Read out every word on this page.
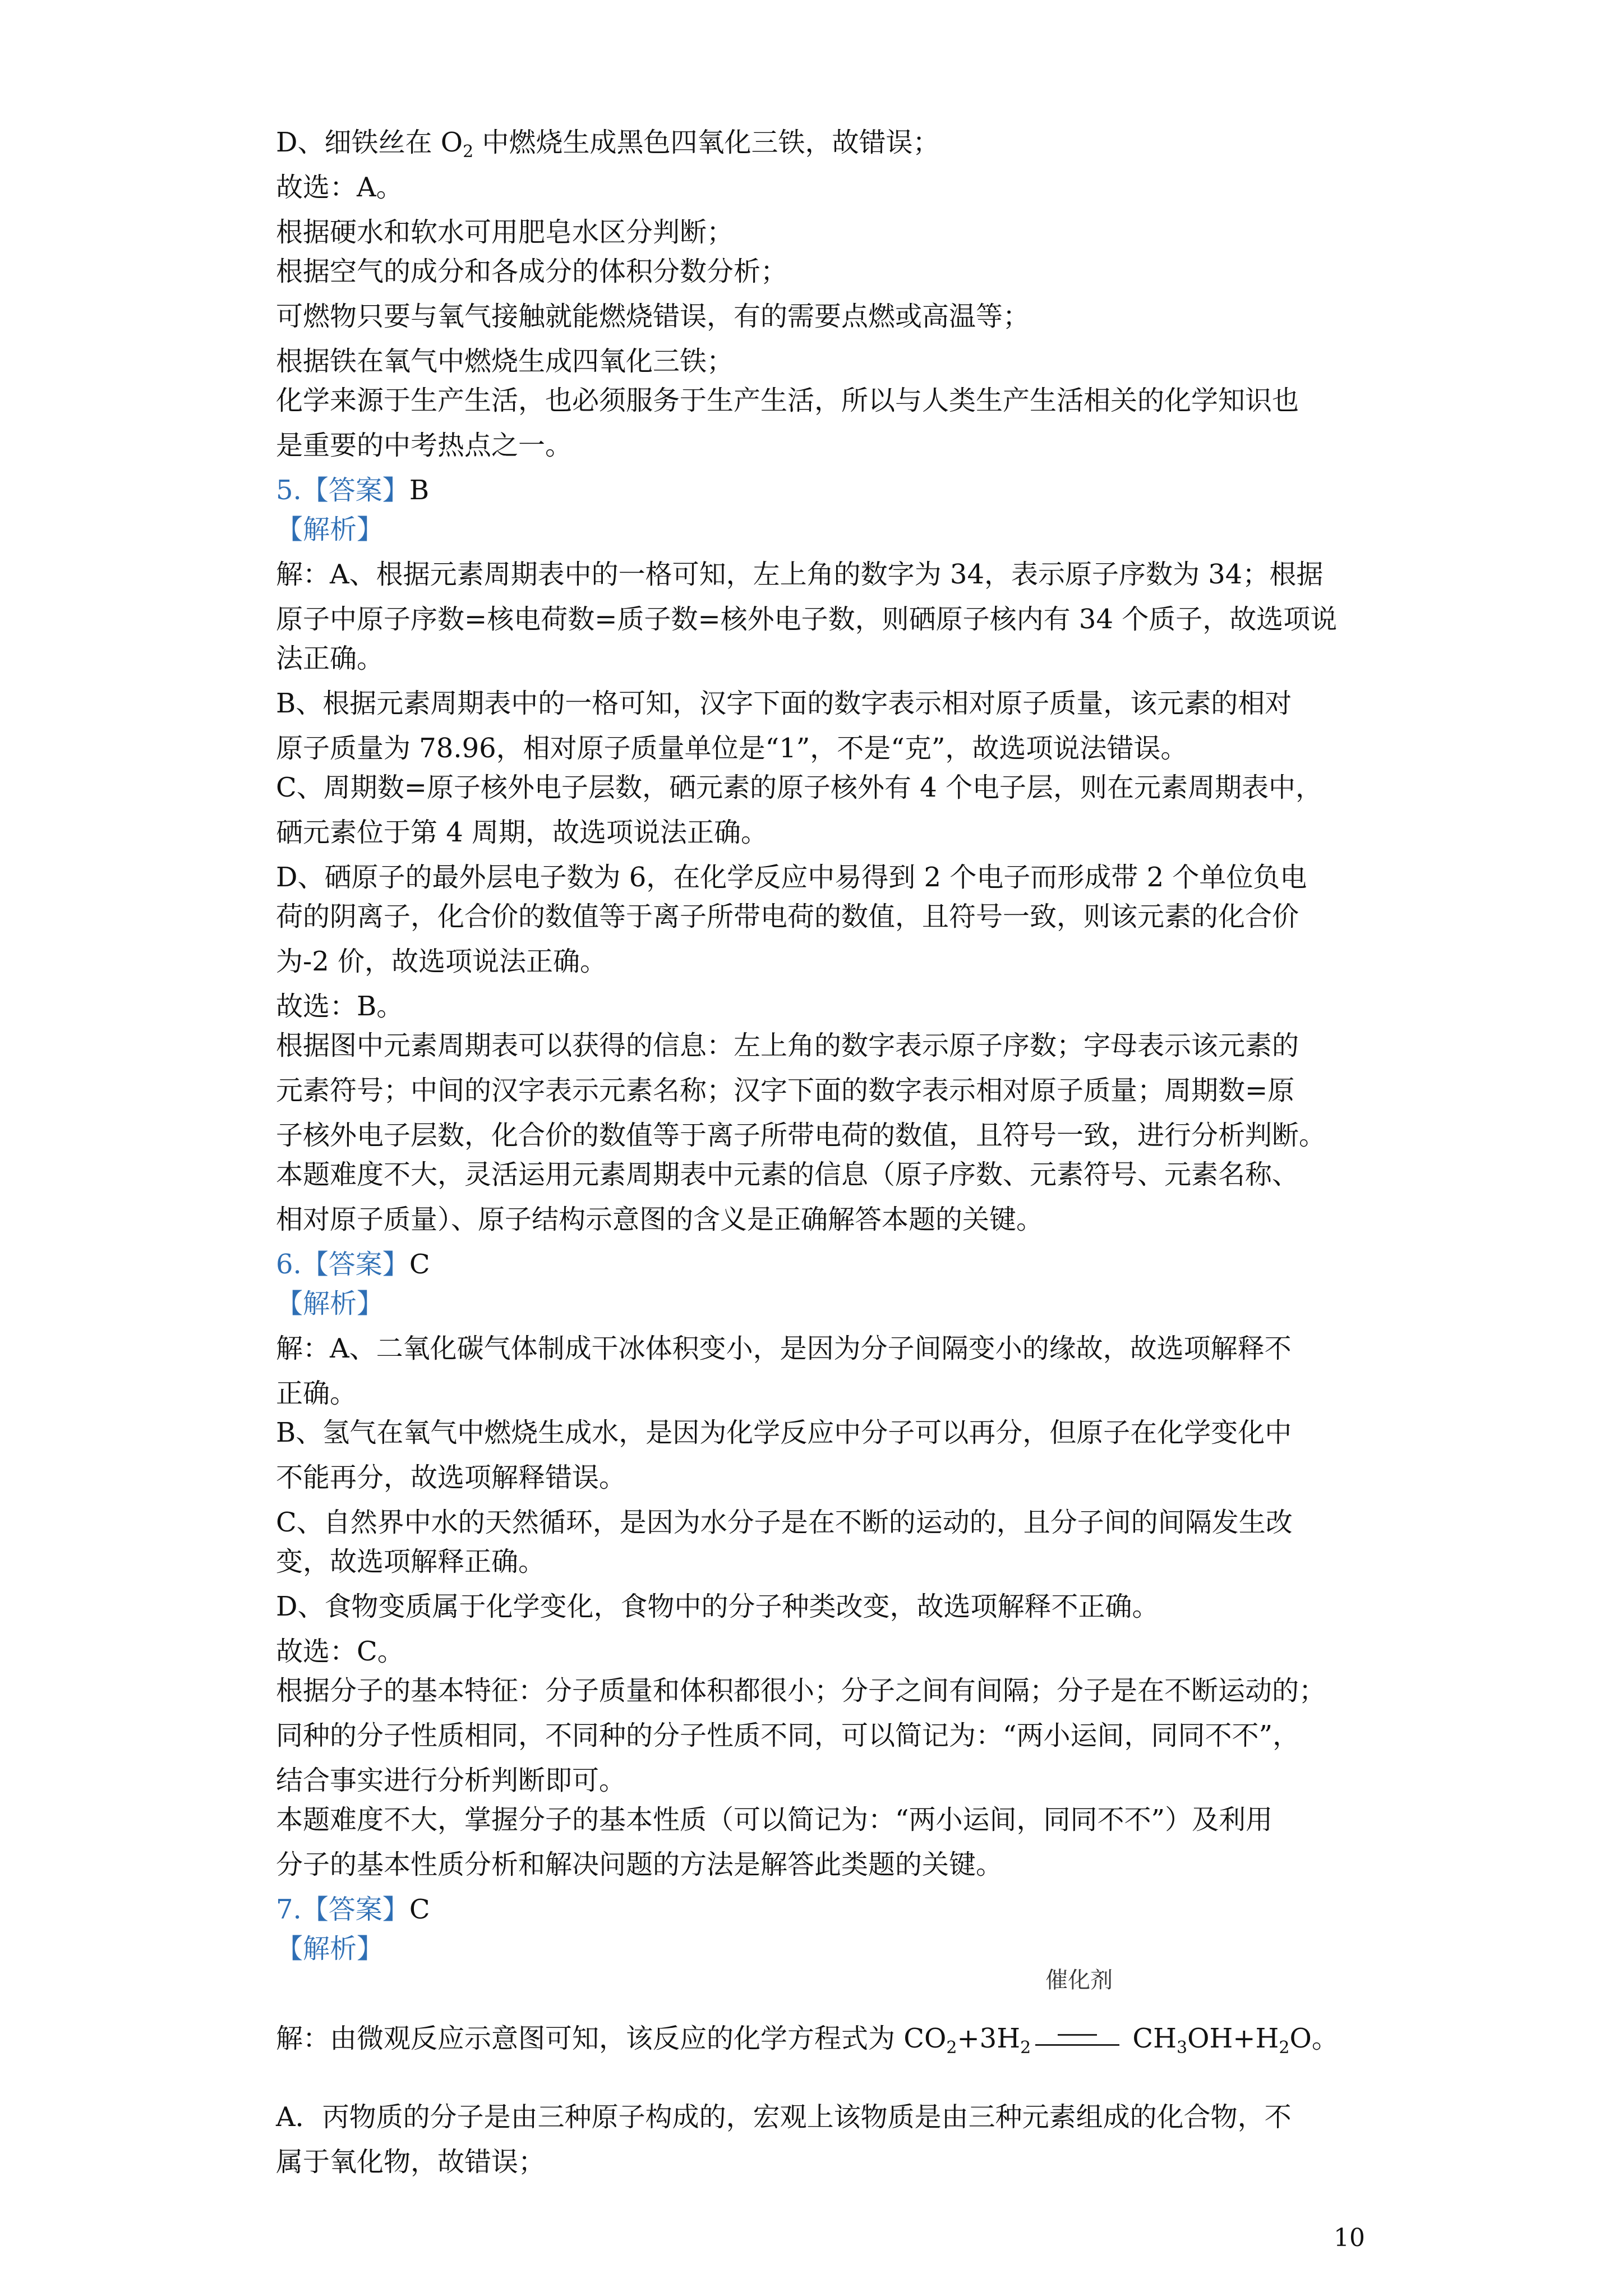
D、细铁丝在 $O_2$ 中燃烧生成黑色四氧化三铁，故错误；
故选：A。
根据硬水和软水可用肥皂水区分判断；
根据空气的成分和各成分的体积分数分析；
可燃物只要与氧气接触就能燃烧错误，有的需要点燃或高温等；
根据铁在氧气中燃烧生成四氧化三铁；
化学来源于生产生活，也必须服务于生产生活，所以与人类生产生活相关的化学知识也
是重要的中考热点之一。
5.【答案】B
【解析】
解：A、根据元素周期表中的一格可知，左上角的数字为 34，表示原子序数为 34；根据
原子中原子序数=核电荷数=质子数=核外电子数，则硒原子核内有 34 个质子，故选项说
法正确。
B、根据元素周期表中的一格可知，汉字下面的数字表示相对原子质量，该元素的相对
原子质量为 78.96，相对原子质量单位是“1”，不是“克”，故选项说法错误。
C、周期数=原子核外电子层数，硒元素的原子核外有 4 个电子层，则在元素周期表中，
硒元素位于第 4 周期，故选项说法正确。
D、硒原子的最外层电子数为 6，在化学反应中易得到 2 个电子而形成带 2 个单位负电
荷的阴离子，化合价的数值等于离子所带电荷的数值，且符号一致，则该元素的化合价
为-2 价，故选项说法正确。
故选：B。
根据图中元素周期表可以获得的信息：左上角的数字表示原子序数；字母表示该元素的
元素符号；中间的汉字表示元素名称；汉字下面的数字表示相对原子质量；周期数=原
子核外电子层数，化合价的数值等于离子所带电荷的数值，且符号一致，进行分析判断。
本题难度不大，灵活运用元素周期表中元素的信息（原子序数、元素符号、元素名称、
相对原子质量）、原子结构示意图的含义是正确解答本题的关键。
6.【答案】C
【解析】
解：A、二氧化碳气体制成干冰体积变小，是因为分子间隔变小的缘故，故选项解释不
正确。
B、氢气在氧气中燃烧生成水，是因为化学反应中分子可以再分，但原子在化学变化中
不能再分，故选项解释错误。
C、自然界中水的天然循环，是因为水分子是在不断的运动的，且分子间的间隔发生改
变，故选项解释正确。
D、食物变质属于化学变化，食物中的分子种类改变，故选项解释不正确。
故选：C。
根据分子的基本特征：分子质量和体积都很小；分子之间有间隔；分子是在不断运动的；
同种的分子性质相同，不同种的分子性质不同，可以简记为：“两小运间，同同不不”，
结合事实进行分析判断即可。
本题难度不大，掌握分子的基本性质（可以简记为：“两小运间，同同不不”）及利用
分子的基本性质分析和解决问题的方法是解答此类题的关键。
7.【答案】C
【解析】
解：由微观反应示意图可知，该反应的化学方程式为 $CO_2+3H_2$
催化剂
$CH_3OH+H_2O$。
A．丙物质的分子是由三种原子构成的，宏观上该物质是由三种元素组成的化合物，不
属于氧化物，故错误；
10
